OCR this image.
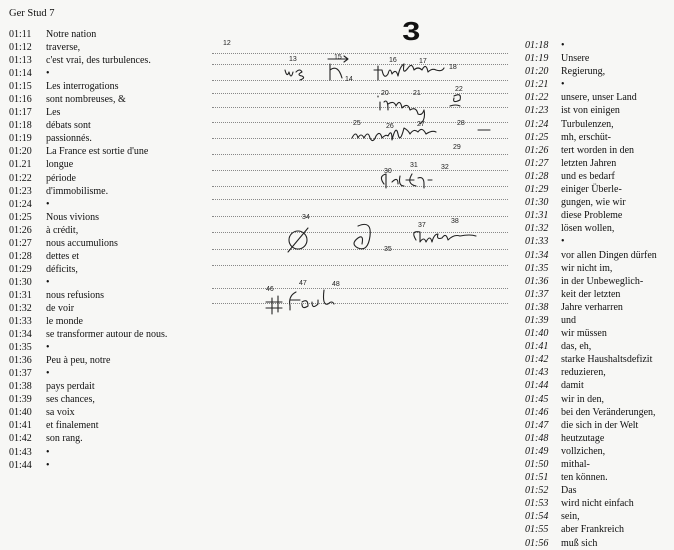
Ger Stud 7
3
01:11	Notre nation
01:12	traverse,
01:13	c'est vrai, des turbulences.
01:14	•
01:15	Les interrogations
01:16	sont nombreuses, &
01:17	Les
01:18	débats sont
01:19	passionnés.
01:20	La France est sortie d'une
01.21	longue
01:22	période
01:23	d'immobilisme.
01:24	•
01:25	Nous vivions
01:26	à crédit,
01:27	nous accumulions
01:28	dettes et
01:29	déficits,
01:30	•
01:31	nous refusions
01:32	de voir
01:33	le monde
01:34	se transformer autour de nous.
01:35	•
01:36	Peu à peu, notre
01:37	•
01:38	pays perdait
01:39	ses chances,
01:40	sa voix
01:41	et finalement
01:42	son rang.
01:43	•
01:44	•
01:18	•
01:19	Unsere
01:20	Regierung,
01:21	•
01:22	unsere, unser Land
01:23	ist von einigen
01:24	Turbulenzen,
01:25	mh, erschüt-
01:26	tert worden in den
01:27	letzten Jahren
01:28	und es bedarf
01:29	einiger Überle-
01:30	gungen, wie wir
01:31	diese Probleme
01:32	lösen wollen,
01:33	•
01:34	vor allen Dingen dürfen
01:35	wir nicht im,
01:36	in der Unbeweglich-
01:37	keit der letzten
01:38	Jahre verharren
01:39	und
01:40	wir müssen
01:41	das, eh,
01:42	starke Haushaltsdefizit
01:43	reduzieren,
01:44	damit
01:45	wir in den,
01:46	bei den Veränderungen,
01:47	die sich in der Welt
01:48	heutzutage
01:49	vollzichen,
01:50	mithal-
01:51	ten können.
01:52	Das
01:53	wird nicht einfach
01:54	sein,
01:55	aber Frankreich
01:56	muß sich
12
13	15
14
16	17
18
20	21
22
25	26	27	28
29
30
31	32
34
35
37
38
46
47	48
